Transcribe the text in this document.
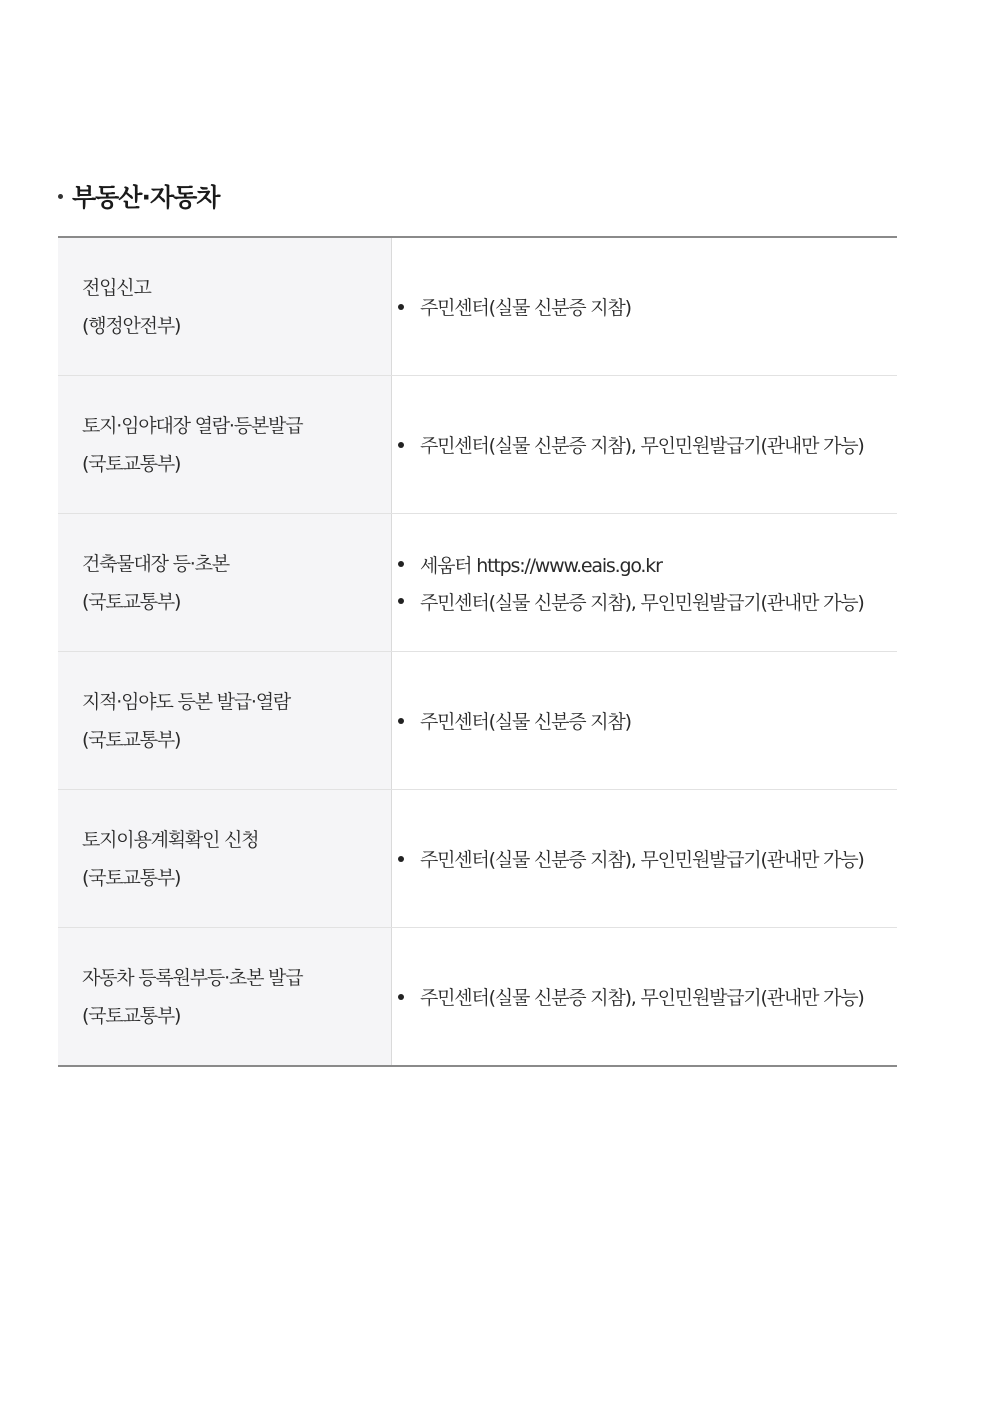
부동산·자동차
전입신고
(행정안전부)
주민센터(실물 신분증 지참)
토지·임야대장 열람·등본발급
(국토교통부)
주민센터(실물 신분증 지참), 무인민원발급기(관내만 가능)
건축물대장 등·초본
(국토교통부)
세움터 https://www.eais.go.kr
주민센터(실물 신분증 지참), 무인민원발급기(관내만 가능)
지적·임야도 등본 발급·열람
(국토교통부)
주민센터(실물 신분증 지참)
토지이용계획확인 신청
(국토교통부)
주민센터(실물 신분증 지참), 무인민원발급기(관내만 가능)
자동차 등록원부등·초본 발급
(국토교통부)
주민센터(실물 신분증 지참), 무인민원발급기(관내만 가능)
